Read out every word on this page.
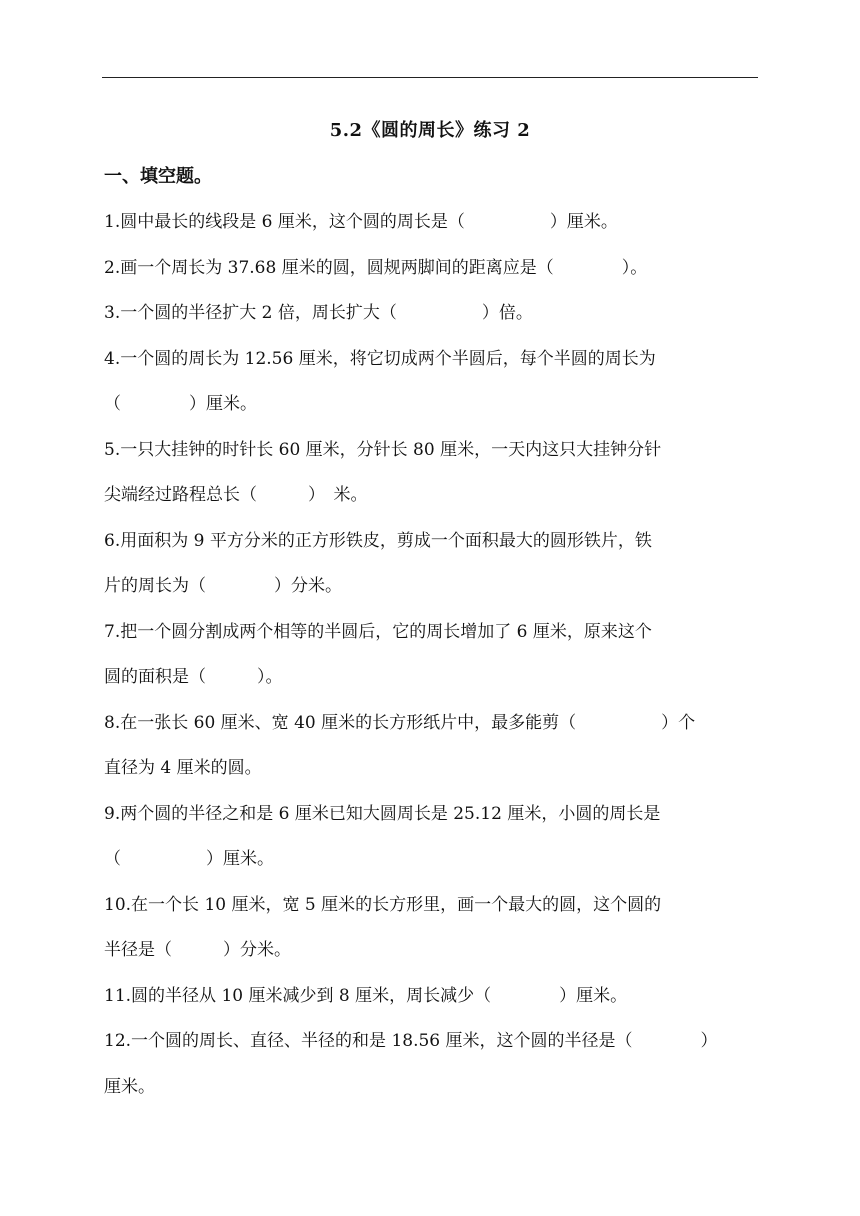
5.2《圆的周长》练习 2
一、填空题。
1.圆中最长的线段是 6 厘米，这个圆的周长是（　　　　　）厘米。
2.画一个周长为 37.68 厘米的圆，圆规两脚间的距离应是（　　　　）。
3.一个圆的半径扩大 2 倍，周长扩大（　　　　　）倍。
4.一个圆的周长为 12.56 厘米，将它切成两个半圆后，每个半圆的周长为
（　　　　）厘米。
5.一只大挂钟的时针长 60 厘米，分针长 80 厘米，一天内这只大挂钟分针
尖端经过路程总长（　　　）　米。
6.用面积为 9 平方分米的正方形铁皮，剪成一个面积最大的圆形铁片，铁
片的周长为（　　　　）分米。
7.把一个圆分割成两个相等的半圆后，它的周长增加了 6 厘米，原来这个
圆的面积是（　　　）。
8.在一张长 60 厘米、宽 40 厘米的长方形纸片中，最多能剪（　　　　　）个
直径为 4 厘米的圆。
9.两个圆的半径之和是 6 厘米已知大圆周长是 25.12 厘米，小圆的周长是
（　　　　　）厘米。
10.在一个长 10 厘米，宽 5 厘米的长方形里，画一个最大的圆，这个圆的
半径是（　　　）分米。
11.圆的半径从 10 厘米减少到 8 厘米，周长减少（　　　　）厘米。
12.一个圆的周长、直径、半径的和是 18.56 厘米，这个圆的半径是（　　　　）
厘米。
